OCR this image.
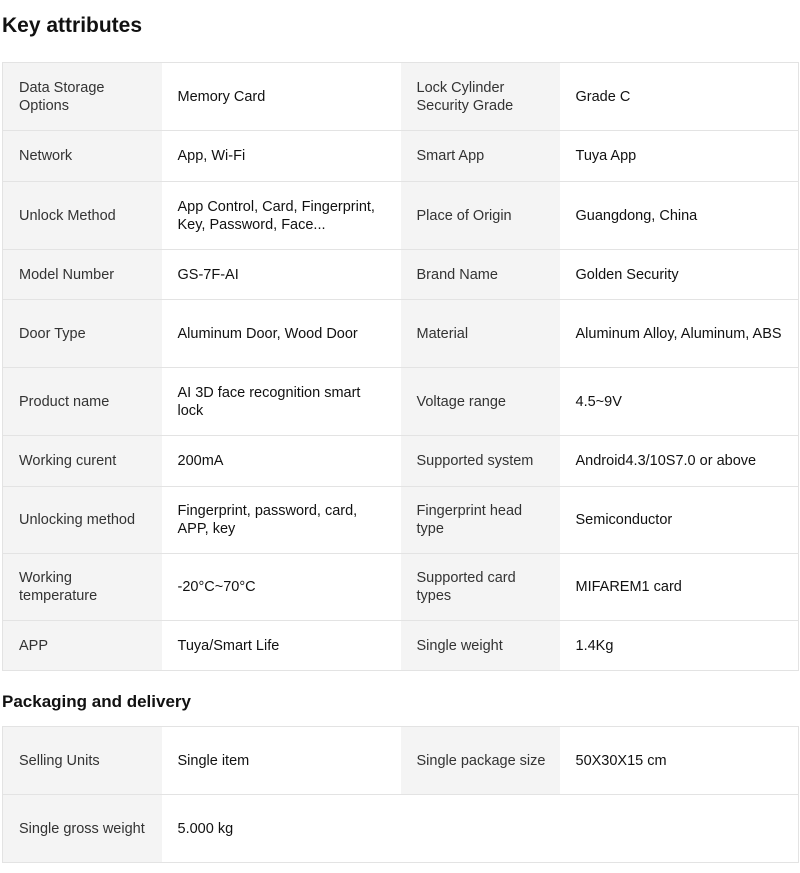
Key attributes
Data Storage Options	Memory Card	Lock Cylinder Security Grade	Grade C
Network	App, Wi-Fi	Smart App	Tuya App
Unlock Method	App Control, Card, Fingerprint, Key, Password, Face...	Place of Origin	Guangdong, China
Model Number	GS-7F-AI	Brand Name	Golden Security
Door Type	Aluminum Door, Wood Door	Material	Aluminum Alloy, Aluminum, ABS
Product name	AI 3D face recognition smart lock	Voltage range	4.5~9V
Working curent	200mA	Supported system	Android4.3/10S7.0 or above
Unlocking method	Fingerprint, password, card, APP, key	Fingerprint head type	Semiconductor
Working temperature	-20°C~70°C	Supported card types	MIFAREM1 card
APP	Tuya/Smart Life	Single weight	1.4Kg
Packaging and delivery
Selling Units	Single item	Single package size	50X30X15 cm
Single gross weight	5.000 kg		
